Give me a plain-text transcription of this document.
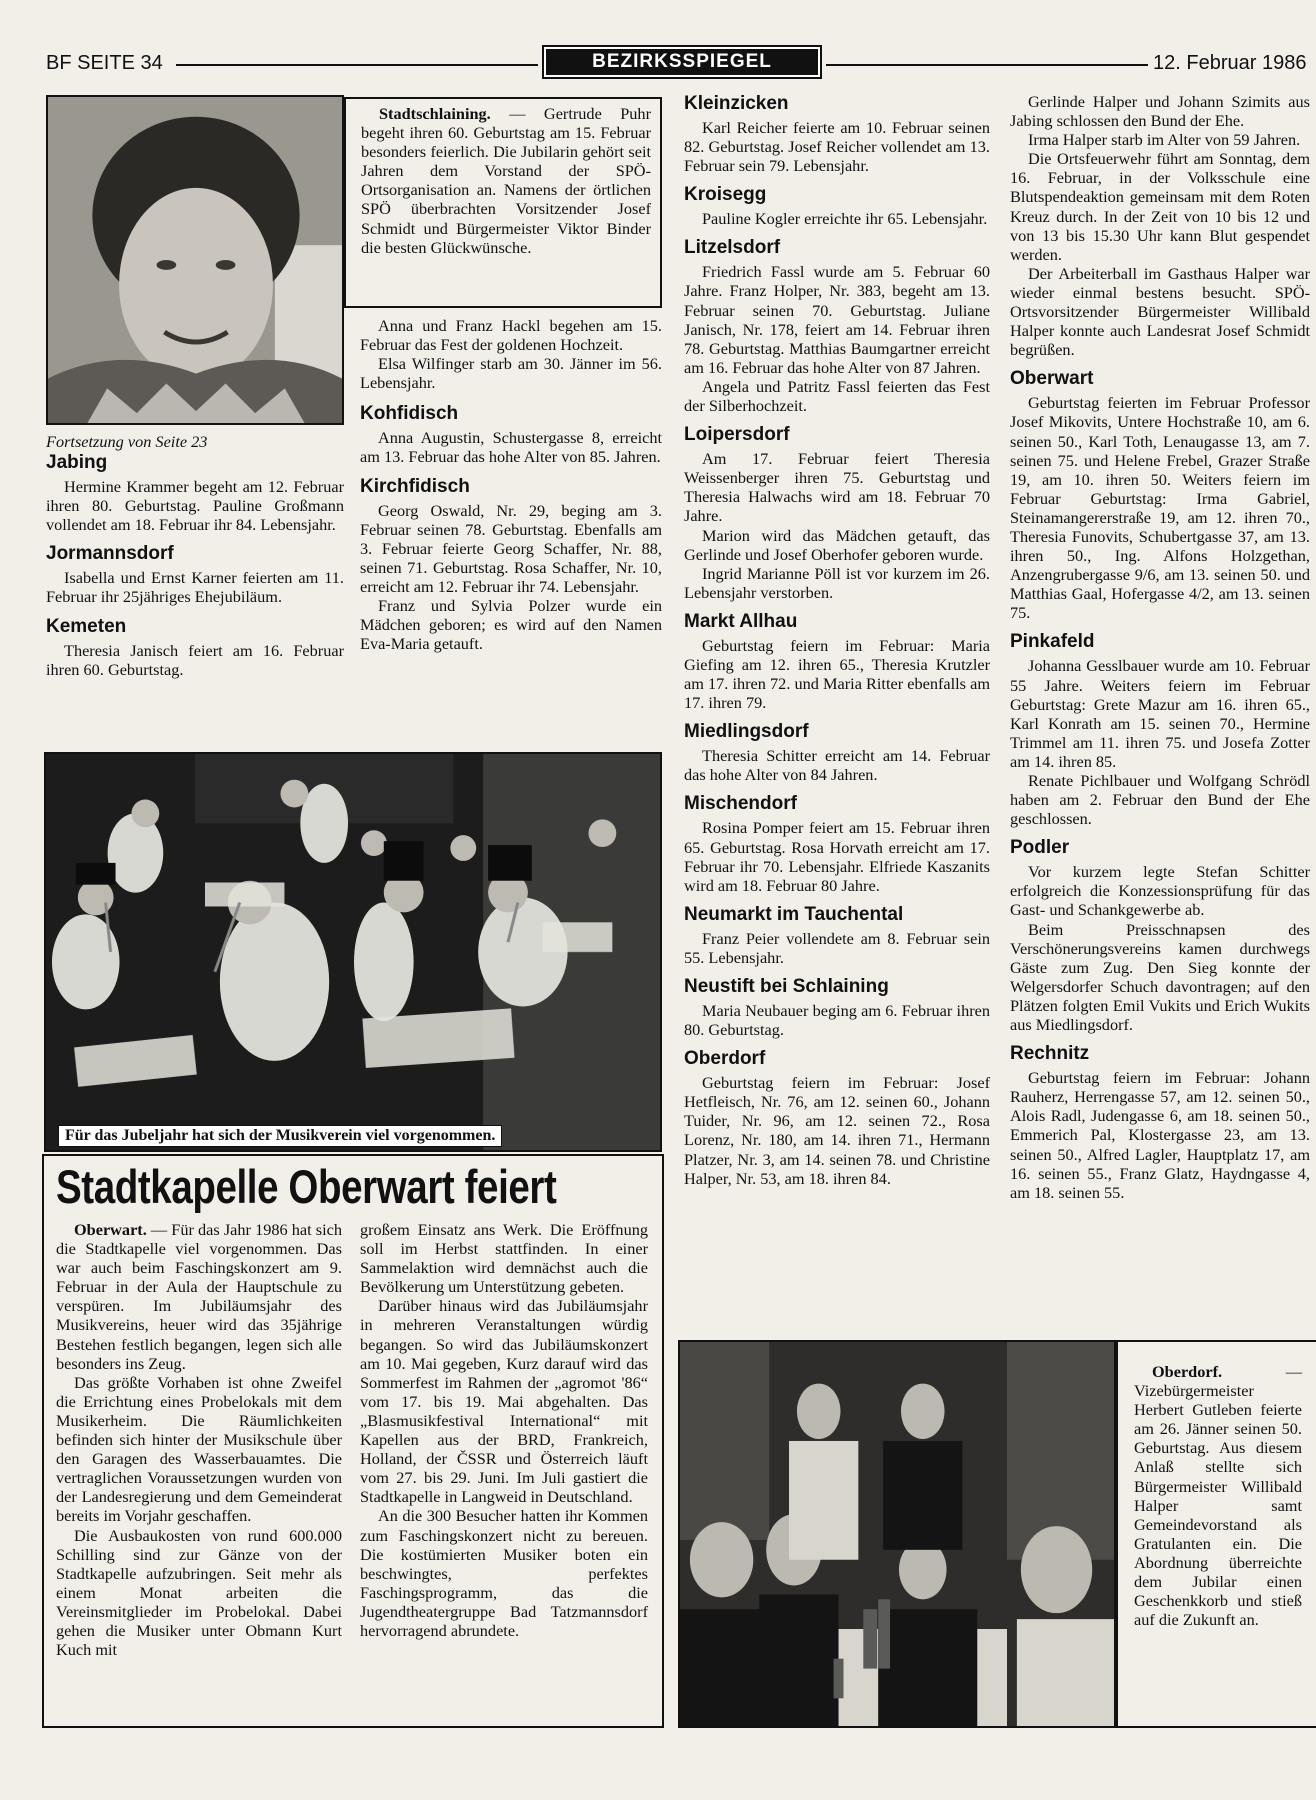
BF SEITE 34	BEZIRKSSPIEGEL	12. Februar 1986

Fortsetzung von Seite 23

Jabing

Hermine Krammer begeht am 12. Februar ihren 80. Geburtstag. Pauline Großmann vollendet am 18. Februar ihr 84. Lebensjahr.

Jormannsdorf

Isabella und Ernst Karner feierten am 11. Februar ihr 25jähriges Ehejubiläum.

Kemeten

Theresia Janisch feiert am 16. Februar ihren 60. Geburtstag.

Stadtschlaining. — Gertrude Puhr begeht ihren 60. Geburtstag am 15. Februar besonders feierlich. Die Jubilarin gehört seit Jahren dem Vorstand der SPÖ-Ortsorganisation an. Namens der örtlichen SPÖ überbrachten Vorsitzender Josef Schmidt und Bürgermeister Viktor Binder die besten Glückwünsche.

Anna und Franz Hackl begehen am 15. Februar das Fest der goldenen Hochzeit.

Elsa Wilfinger starb am 30. Jänner im 56. Lebensjahr.

Kohfidisch

Anna Augustin, Schustergasse 8, erreicht am 13. Februar das hohe Alter von 85. Jahren.

Kirchfidisch

Georg Oswald, Nr. 29, beging am 3. Februar seinen 78. Geburtstag. Ebenfalls am 3. Februar feierte Georg Schaffer, Nr. 88, seinen 71. Geburtstag. Rosa Schaffer, Nr. 10, erreicht am 12. Februar ihr 74. Lebensjahr.

Franz und Sylvia Polzer wurde ein Mädchen geboren; es wird auf den Namen Eva-Maria getauft.

Für das Jubeljahr hat sich der Musikverein viel vorgenommen.
Stadtkapelle Oberwart feiert

Oberwart. — Für das Jahr 1986 hat sich die Stadtkapelle viel vorgenommen. Das war auch beim Faschingskonzert am 9. Februar in der Aula der Hauptschule zu verspüren. Im Jubiläumsjahr des Musikvereins, heuer wird das 35jährige Bestehen festlich begangen, legen sich alle besonders ins Zeug.

Das größte Vorhaben ist ohne Zweifel die Errichtung eines Probelokals mit dem Musikerheim. Die Räumlichkeiten befinden sich hinter der Musikschule über den Garagen des Wasserbauamtes. Die vertraglichen Voraussetzungen wurden von der Landesregierung und dem Gemeinderat bereits im Vorjahr geschaffen.

Die Ausbaukosten von rund 600.000 Schilling sind zur Gänze von der Stadtkapelle aufzubringen. Seit mehr als einem Monat arbeiten die Vereinsmitglieder im Probelokal. Dabei gehen die Musiker unter Obmann Kurt Kuch mit

großem Einsatz ans Werk. Die Eröffnung soll im Herbst stattfinden. In einer Sammelaktion wird demnächst auch die Bevölkerung um Unterstützung gebeten.

Darüber hinaus wird das Jubiläumsjahr in mehreren Veranstaltungen würdig begangen. So wird das Jubiläumskonzert am 10. Mai gegeben, Kurz darauf wird das Sommerfest im Rahmen der „agromot '86“ vom 17. bis 19. Mai abgehalten. Das „Blasmusikfestival International“ mit Kapellen aus der BRD, Frankreich, Holland, der ČSSR und Österreich läuft vom 27. bis 29. Juni. Im Juli gastiert die Stadtkapelle in Langweid in Deutschland.

An die 300 Besucher hatten ihr Kommen zum Faschingskonzert nicht zu bereuen. Die kostümierten Musiker boten ein beschwingtes, perfektes Faschingsprogramm, das die Jugendtheatergruppe Bad Tatzmannsdorf hervorragend abrundete.

Kleinzicken

Karl Reicher feierte am 10. Februar seinen 82. Geburtstag. Josef Reicher vollendet am 13. Februar sein 79. Lebensjahr.

Kroisegg

Pauline Kogler erreichte ihr 65. Lebensjahr.

Litzelsdorf

Friedrich Fassl wurde am 5. Februar 60 Jahre. Franz Holper, Nr. 383, begeht am 13. Februar seinen 70. Geburtstag. Juliane Janisch, Nr. 178, feiert am 14. Februar ihren 78. Geburtstag. Matthias Baumgartner erreicht am 16. Februar das hohe Alter von 87 Jahren.

Angela und Patritz Fassl feierten das Fest der Silberhochzeit.

Loipersdorf

Am 17. Februar feiert Theresia Weissenberger ihren 75. Geburtstag und Theresia Halwachs wird am 18. Februar 70 Jahre.

Marion wird das Mädchen getauft, das Gerlinde und Josef Oberhofer geboren wurde.

Ingrid Marianne Pöll ist vor kurzem im 26. Lebensjahr verstorben.

Markt Allhau

Geburtstag feiern im Februar: Maria Giefing am 12. ihren 65., Theresia Krutzler am 17. ihren 72. und Maria Ritter ebenfalls am 17. ihren 79.

Miedlingsdorf

Theresia Schitter erreicht am 14. Februar das hohe Alter von 84 Jahren.

Mischendorf

Rosina Pomper feiert am 15. Februar ihren 65. Geburtstag. Rosa Horvath erreicht am 17. Februar ihr 70. Lebensjahr. Elfriede Kaszanits wird am 18. Februar 80 Jahre.

Neumarkt im Tauchental

Franz Peier vollendete am 8. Februar sein 55. Lebensjahr.

Neustift bei Schlaining

Maria Neubauer beging am 6. Februar ihren 80. Geburtstag.

Oberdorf

Geburtstag feiern im Februar: Josef Hetfleisch, Nr. 76, am 12. seinen 60., Johann Tuider, Nr. 96, am 12. seinen 72., Rosa Lorenz, Nr. 180, am 14. ihren 71., Hermann Platzer, Nr. 3, am 14. seinen 78. und Christine Halper, Nr. 53, am 18. ihren 84.

Gerlinde Halper und Johann Szimits aus Jabing schlossen den Bund der Ehe.

Irma Halper starb im Alter von 59 Jahren.

Die Ortsfeuerwehr führt am Sonntag, dem 16. Februar, in der Volksschule eine Blutspendeaktion gemeinsam mit dem Roten Kreuz durch. In der Zeit von 10 bis 12 und von 13 bis 15.30 Uhr kann Blut gespendet werden.

Der Arbeiterball im Gasthaus Halper war wieder einmal bestens besucht. SPÖ-Ortsvorsitzender Bürgermeister Willibald Halper konnte auch Landesrat Josef Schmidt begrüßen.

Oberwart

Geburtstag feierten im Februar Professor Josef Mikovits, Untere Hochstraße 10, am 6. seinen 50., Karl Toth, Lenaugasse 13, am 7. seinen 75. und Helene Frebel, Grazer Straße 19, am 10. ihren 50. Weiters feiern im Februar Geburtstag: Irma Gabriel, Steinamangererstraße 19, am 12. ihren 70., Theresia Funovits, Schubertgasse 37, am 13. ihren 50., Ing. Alfons Holzgethan, Anzengrubergasse 9/6, am 13. seinen 50. und Matthias Gaal, Hofergasse 4/2, am 13. seinen 75.

Pinkafeld

Johanna Gesslbauer wurde am 10. Februar 55 Jahre. Weiters feiern im Februar Geburtstag: Grete Mazur am 16. ihren 65., Karl Konrath am 15. seinen 70., Hermine Trimmel am 11. ihren 75. und Josefa Zotter am 14. ihren 85.

Renate Pichlbauer und Wolfgang Schrödl haben am 2. Februar den Bund der Ehe geschlossen.

Podler

Vor kurzem legte Stefan Schitter erfolgreich die Konzessionsprüfung für das Gast- und Schankgewerbe ab.

Beim Preisschnapsen des Verschönerungsvereins kamen durchwegs Gäste zum Zug. Den Sieg konnte der Welgersdorfer Schuch davontragen; auf den Plätzen folgten Emil Vukits und Erich Wukits aus Miedlingsdorf.

Rechnitz

Geburtstag feiern im Februar: Johann Rauherz, Herrengasse 57, am 12. seinen 50., Alois Radl, Judengasse 6, am 18. seinen 50., Emmerich Pal, Klostergasse 23, am 13. seinen 50., Alfred Lagler, Hauptplatz 17, am 16. seinen 55., Franz Glatz, Haydngasse 4, am 18. seinen 55.

Oberdorf. — Vizebürgermeister Herbert Gutleben feierte am 26. Jänner seinen 50. Geburtstag. Aus diesem Anlaß stellte sich Bürgermeister Willibald Halper samt Gemeindevorstand als Gratulanten ein. Die Abordnung überreichte dem Jubilar einen Geschenkkorb und stieß auf die Zukunft an.
